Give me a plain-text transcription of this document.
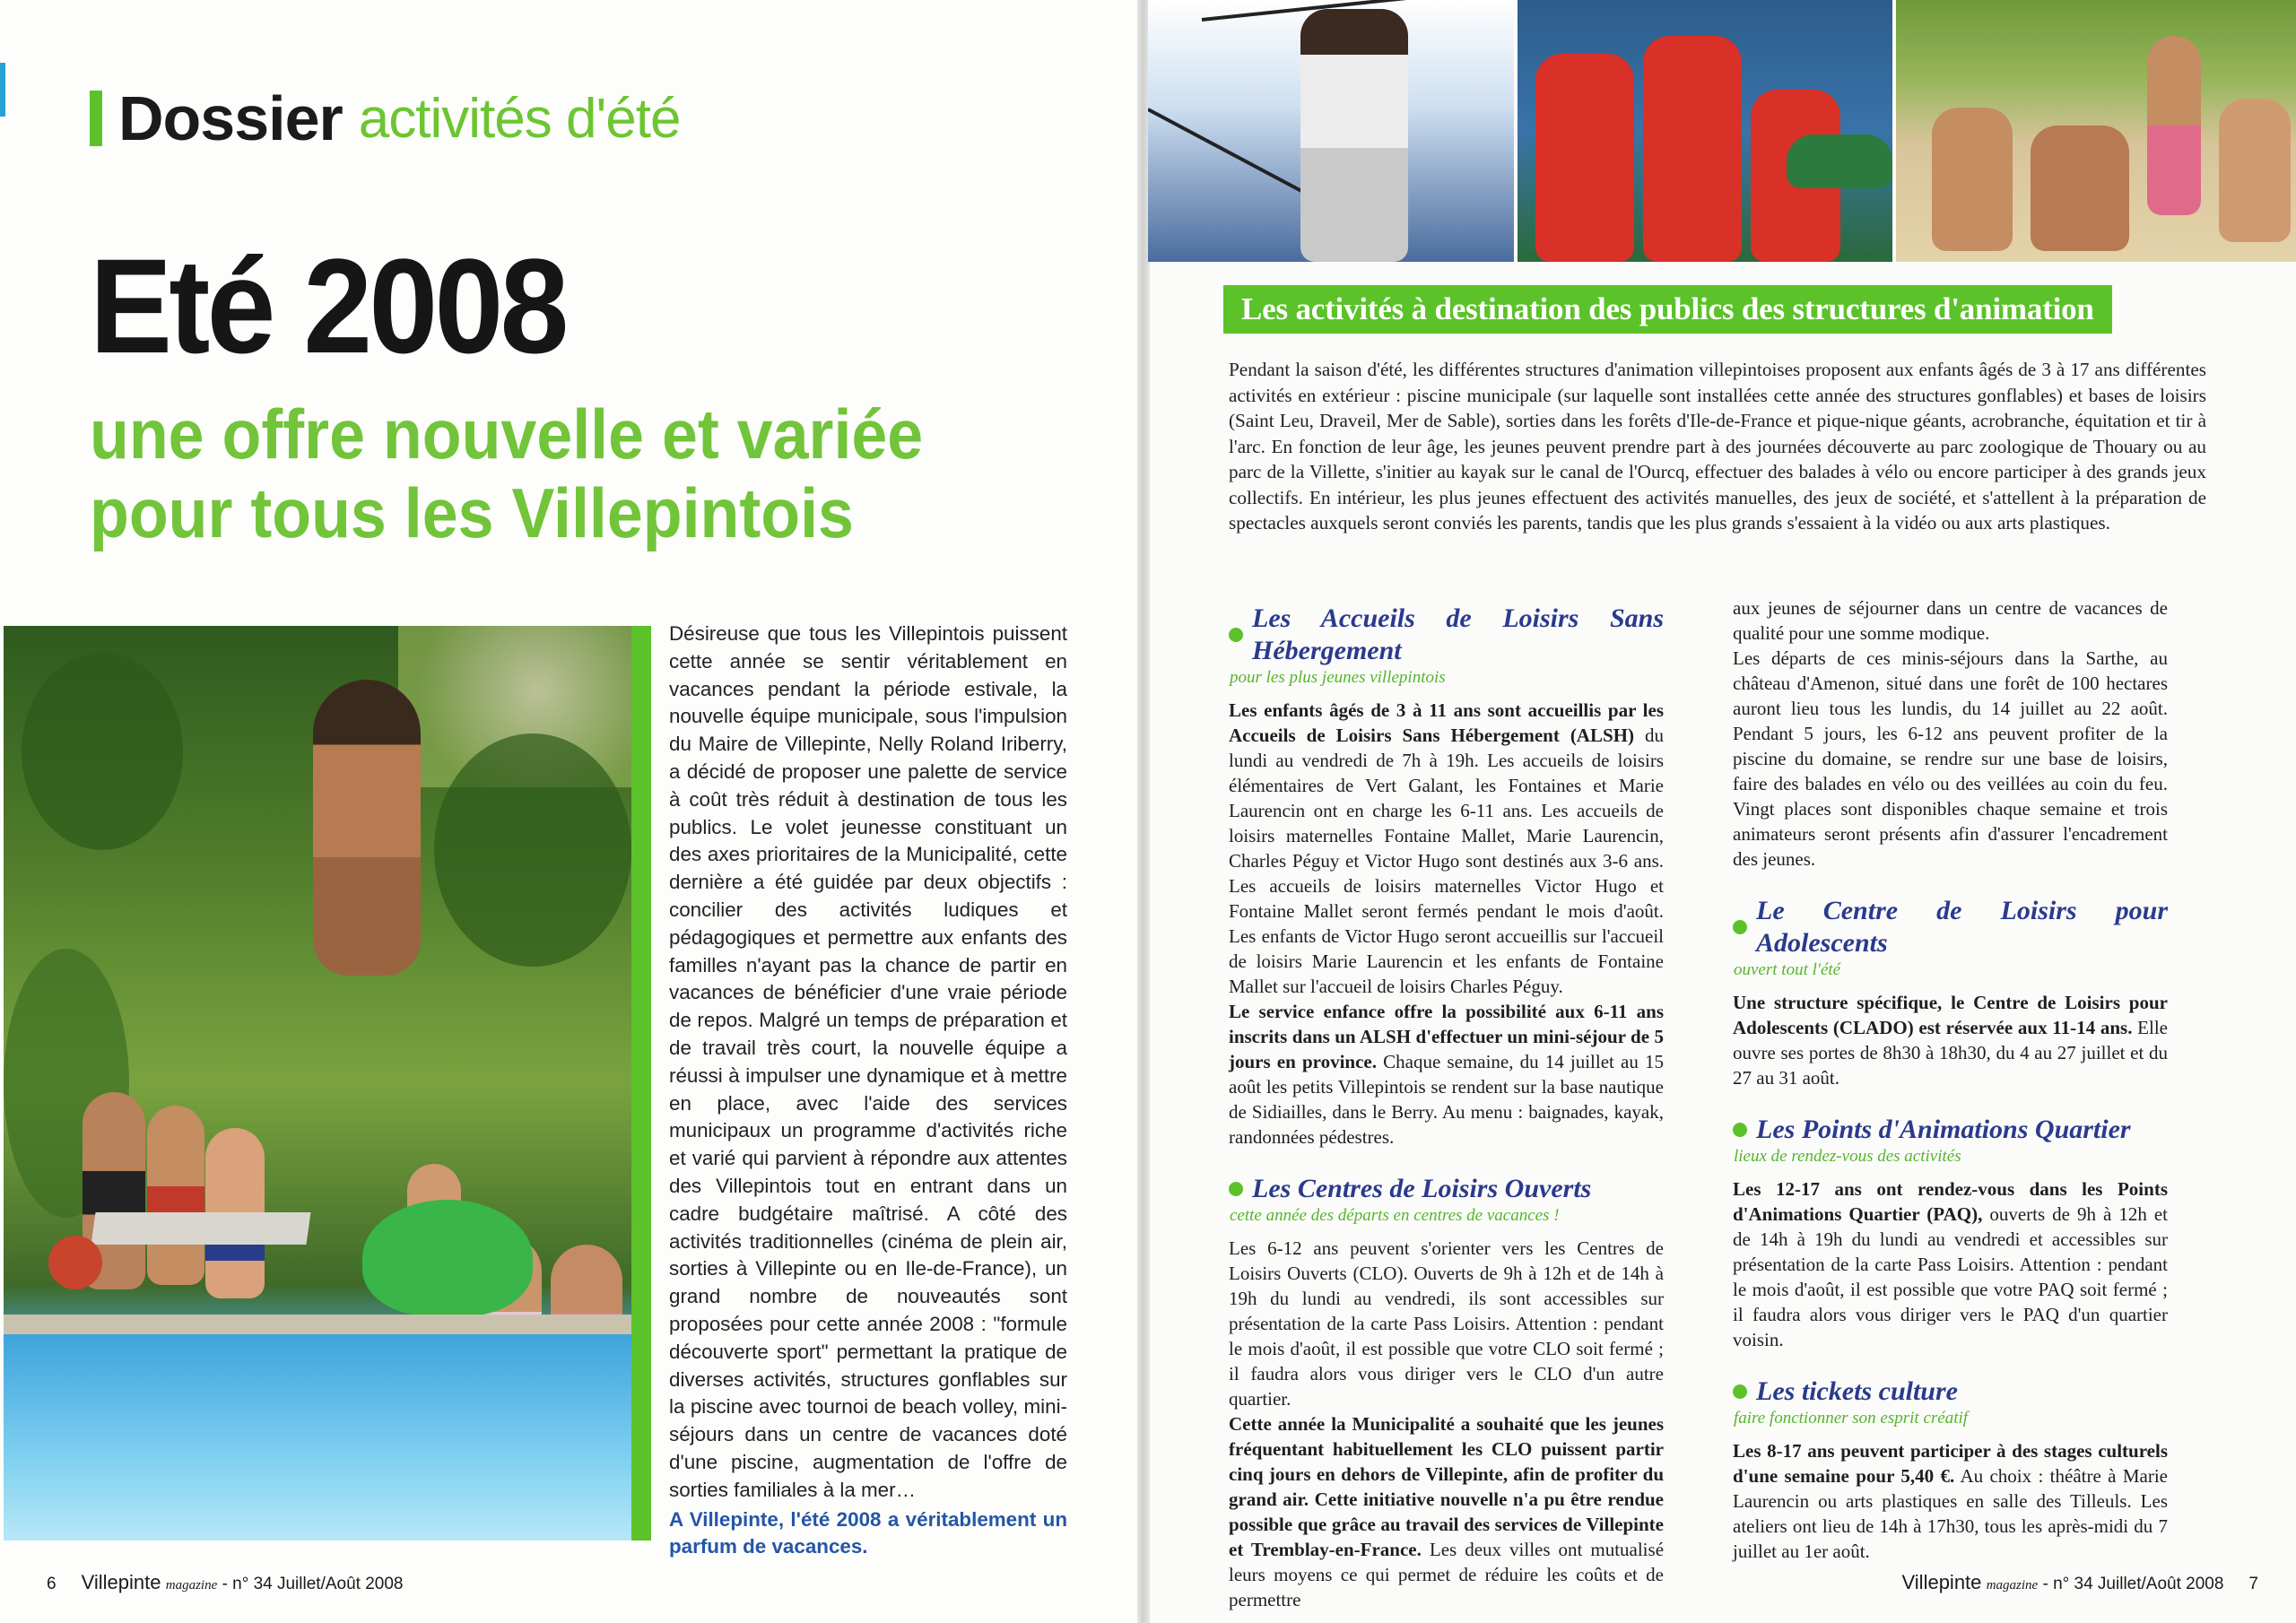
Dossier activités d'été
Eté 2008
une offre nouvelle et variée
pour tous les Villepintois
Désireuse que tous les Villepintois puissent cette année se sentir véritablement en vacances pendant la période estivale, la nouvelle équipe municipale, sous l'impulsion du Maire de Villepinte, Nelly Roland Iriberry, a décidé de proposer une palette de service à coût très réduit à destination de tous les publics. Le volet jeunesse constituant un des axes prioritaires de la Municipalité, cette dernière a été guidée par deux objectifs : concilier des activités ludiques et pédagogiques et permettre aux enfants des familles n'ayant pas la chance de partir en vacances de bénéficier d'une vraie période de repos. Malgré un temps de préparation et de travail très court, la nouvelle équipe a réussi à impulser une dynamique et à mettre en place, avec l'aide des services municipaux un programme d'activités riche et varié qui parvient à répondre aux attentes des Villepintois tout en entrant dans un cadre budgétaire maîtrisé. A côté des activités traditionnelles (cinéma de plein air, sorties à Villepinte ou en Ile-de-France), un grand nombre de nouveautés sont proposées pour cette année 2008 : "formule découverte sport" permettant la pratique de diverses activités, structures gonflables sur la piscine avec tournoi de beach volley, mini-séjours dans un centre de vacances doté d'une piscine, augmentation de l'offre de sorties familiales à la mer…
A Villepinte, l'été 2008 a véritablement un parfum de vacances.
6 Villepinte magazine - n° 34 Juillet/Août 2008
Les activités à destination des publics des structures d'animation
Pendant la saison d'été, les différentes structures d'animation villepintoises proposent aux enfants âgés de 3 à 17 ans différentes activités en extérieur : piscine municipale (sur laquelle sont installées cette année des structures gonflables) et bases de loisirs (Saint Leu, Draveil, Mer de Sable), sorties dans les forêts d'Ile-de-France et pique-nique géants, acrobranche, équitation et tir à l'arc. En fonction de leur âge, les jeunes peuvent prendre part à des journées découverte au parc zoologique de Thouary ou au parc de la Villette, s'initier au kayak sur le canal de l'Ourcq, effectuer des balades à vélo ou encore participer à des grands jeux collectifs. En intérieur, les plus jeunes effectuent des activités manuelles, des jeux de société, et s'attellent à la préparation de spectacles auxquels seront conviés les parents, tandis que les plus grands s'essaient à la vidéo ou aux arts plastiques.
Les Accueils de Loisirs Sans Hébergement
pour les plus jeunes villepintois

Les enfants âgés de 3 à 11 ans sont accueillis par les Accueils de Loisirs Sans Hébergement (ALSH) du lundi au vendredi de 7h à 19h. Les accueils de loisirs élémentaires de Vert Galant, les Fontaines et Marie Laurencin ont en charge les 6-11 ans. Les accueils de loisirs maternelles Fontaine Mallet, Marie Laurencin, Charles Péguy et Victor Hugo sont destinés aux 3-6 ans. Les accueils de loisirs maternelles Victor Hugo et Fontaine Mallet seront fermés pendant le mois d'août. Les enfants de Victor Hugo seront accueillis sur l'accueil de loisirs Marie Laurencin et les enfants de Fontaine Mallet sur l'accueil de loisirs Charles Péguy.

Le service enfance offre la possibilité aux 6-11 ans inscrits dans un ALSH d'effectuer un mini-séjour de 5 jours en province. Chaque semaine, du 14 juillet au 15 août les petits Villepintois se rendent sur la base nautique de Sidiailles, dans le Berry. Au menu : baignades, kayak, randonnées pédestres.

Les Centres de Loisirs Ouverts
cette année des départs en centres de vacances !

Les 6-12 ans peuvent s'orienter vers les Centres de Loisirs Ouverts (CLO). Ouverts de 9h à 12h et de 14h à 19h du lundi au vendredi, ils sont accessibles sur présentation de la carte Pass Loisirs. Attention : pendant le mois d'août, il est possible que votre CLO soit fermé ; il faudra alors vous diriger vers le CLO d'un autre quartier.

Cette année la Municipalité a souhaité que les jeunes fréquentant habituellement les CLO puissent partir cinq jours en dehors de Villepinte, afin de profiter du grand air. Cette initiative nouvelle n'a pu être rendue possible que grâce au travail des services de Villepinte et Tremblay-en-France. Les deux villes ont mutualisé leurs moyens ce qui permet de réduire les coûts et de permettre

aux jeunes de séjourner dans un centre de vacances de qualité pour une somme modique.

Les départs de ces minis-séjours dans la Sarthe, au château d'Amenon, situé dans une forêt de 100 hectares auront lieu tous les lundis, du 14 juillet au 22 août. Pendant 5 jours, les 6-12 ans peuvent profiter de la piscine du domaine, se rendre sur une base de loisirs, faire des balades en vélo ou des veillées au coin du feu. Vingt places sont disponibles chaque semaine et trois animateurs seront présents afin d'assurer l'encadrement des jeunes.

Le Centre de Loisirs pour Adolescents
ouvert tout l'été

Une structure spécifique, le Centre de Loisirs pour Adolescents (CLADO) est réservée aux 11-14 ans. Elle ouvre ses portes de 8h30 à 18h30, du 4 au 27 juillet et du 27 au 31 août.

Les Points d'Animations Quartier
lieux de rendez-vous des activités

Les 12-17 ans ont rendez-vous dans les Points d'Animations Quartier (PAQ), ouverts de 9h à 12h et de 14h à 19h du lundi au vendredi et accessibles sur présentation de la carte Pass Loisirs. Attention : pendant le mois d'août, il est possible que votre PAQ soit fermé ; il faudra alors vous diriger vers le PAQ d'un quartier voisin.

Les tickets culture
faire fonctionner son esprit créatif

Les 8-17 ans peuvent participer à des stages culturels d'une semaine pour 5,40 €. Au choix : théâtre à Marie Laurencin ou arts plastiques en salle des Tilleuls. Les ateliers ont lieu de 14h à 17h30, tous les après-midi du 7 juillet au 1er août.

Villepinte magazine - n° 34 Juillet/Août 2008 7
